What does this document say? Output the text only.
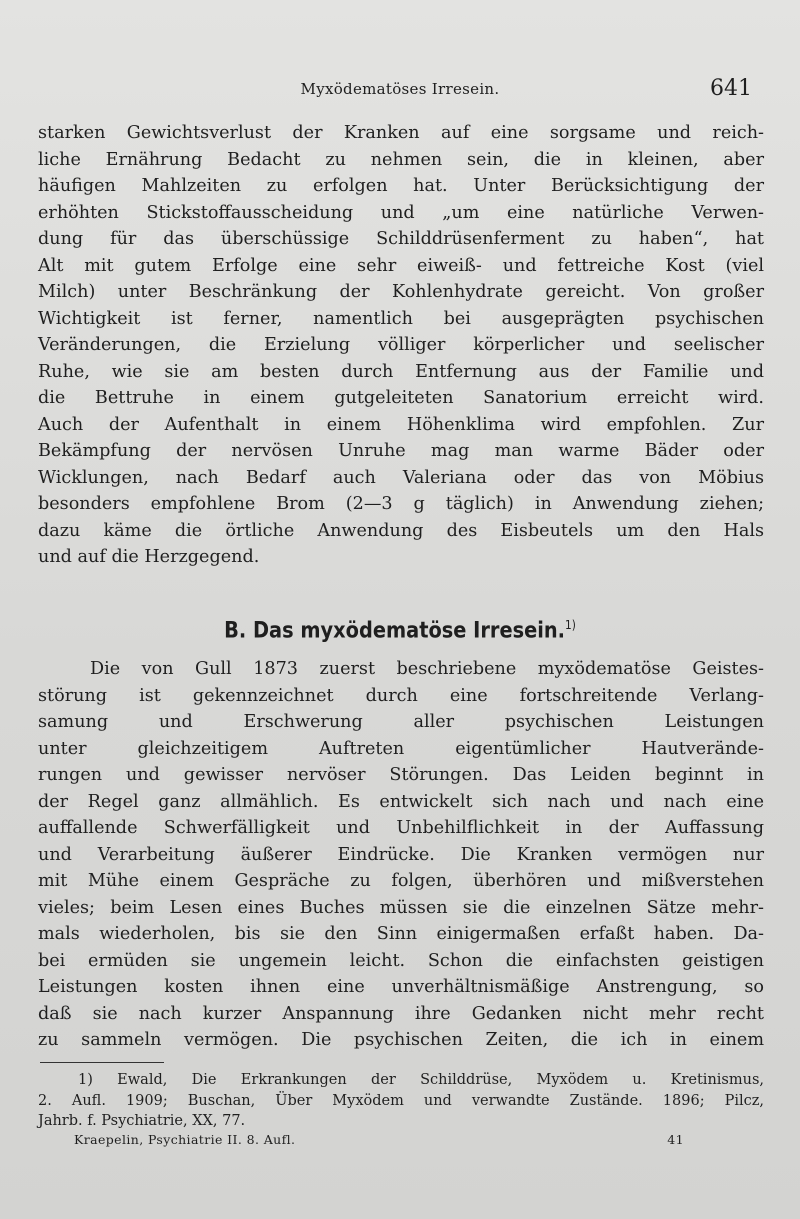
Myxödematöses Irresein.	641
starken Gewichtsverlust der Kranken auf eine sorgsame und reich-
liche Ernährung Bedacht zu nehmen sein, die in kleinen, aber
häufigen Mahlzeiten zu erfolgen hat. Unter Berücksichtigung der
erhöhten Stickstoffausscheidung und „um eine natürliche Verwen-
dung für das überschüssige Schilddrüsenferment zu haben“, hat
Alt mit gutem Erfolge eine sehr eiweiß- und fettreiche Kost (viel
Milch) unter Beschränkung der Kohlenhydrate gereicht. Von großer
Wichtigkeit ist ferner, namentlich bei ausgeprägten psychischen
Veränderungen, die Erzielung völliger körperlicher und seelischer
Ruhe, wie sie am besten durch Entfernung aus der Familie und
die Bettruhe in einem gutgeleiteten Sanatorium erreicht wird.
Auch der Aufenthalt in einem Höhenklima wird empfohlen. Zur
Bekämpfung der nervösen Unruhe mag man warme Bäder oder
Wicklungen, nach Bedarf auch Valeriana oder das von Möbius
besonders empfohlene Brom (2—3 g täglich) in Anwendung ziehen;
dazu käme die örtliche Anwendung des Eisbeutels um den Hals
und auf die Herzgegend.
B. Das myxödematöse Irresein.$^{1)}$
Die von Gull 1873 zuerst beschriebene myxödematöse Geistes-
störung ist gekennzeichnet durch eine fortschreitende Verlang-
samung und Erschwerung aller psychischen Leistungen
unter gleichzeitigem Auftreten eigentümlicher Hautverände-
rungen und gewisser nervöser Störungen. Das Leiden beginnt in
der Regel ganz allmählich. Es entwickelt sich nach und nach eine
auffallende Schwerfälligkeit und Unbehilflichkeit in der Auffassung
und Verarbeitung äußerer Eindrücke. Die Kranken vermögen nur
mit Mühe einem Gespräche zu folgen, überhören und mißverstehen
vieles; beim Lesen eines Buches müssen sie die einzelnen Sätze mehr-
mals wiederholen, bis sie den Sinn einigermaßen erfaßt haben. Da-
bei ermüden sie ungemein leicht. Schon die einfachsten geistigen
Leistungen kosten ihnen eine unverhältnismäßige Anstrengung, so
daß sie nach kurzer Anspannung ihre Gedanken nicht mehr recht
zu sammeln vermögen. Die psychischen Zeiten, die ich in einem
1) Ewald, Die Erkrankungen der Schilddrüse, Myxödem u. Kretinismus,
2. Aufl. 1909; Buschan, Über Myxödem und verwandte Zustände. 1896; Pilcz,
Jahrb. f. Psychiatrie, XX, 77.
Kraepelin, Psychiatrie II. 8. Aufl.	41
